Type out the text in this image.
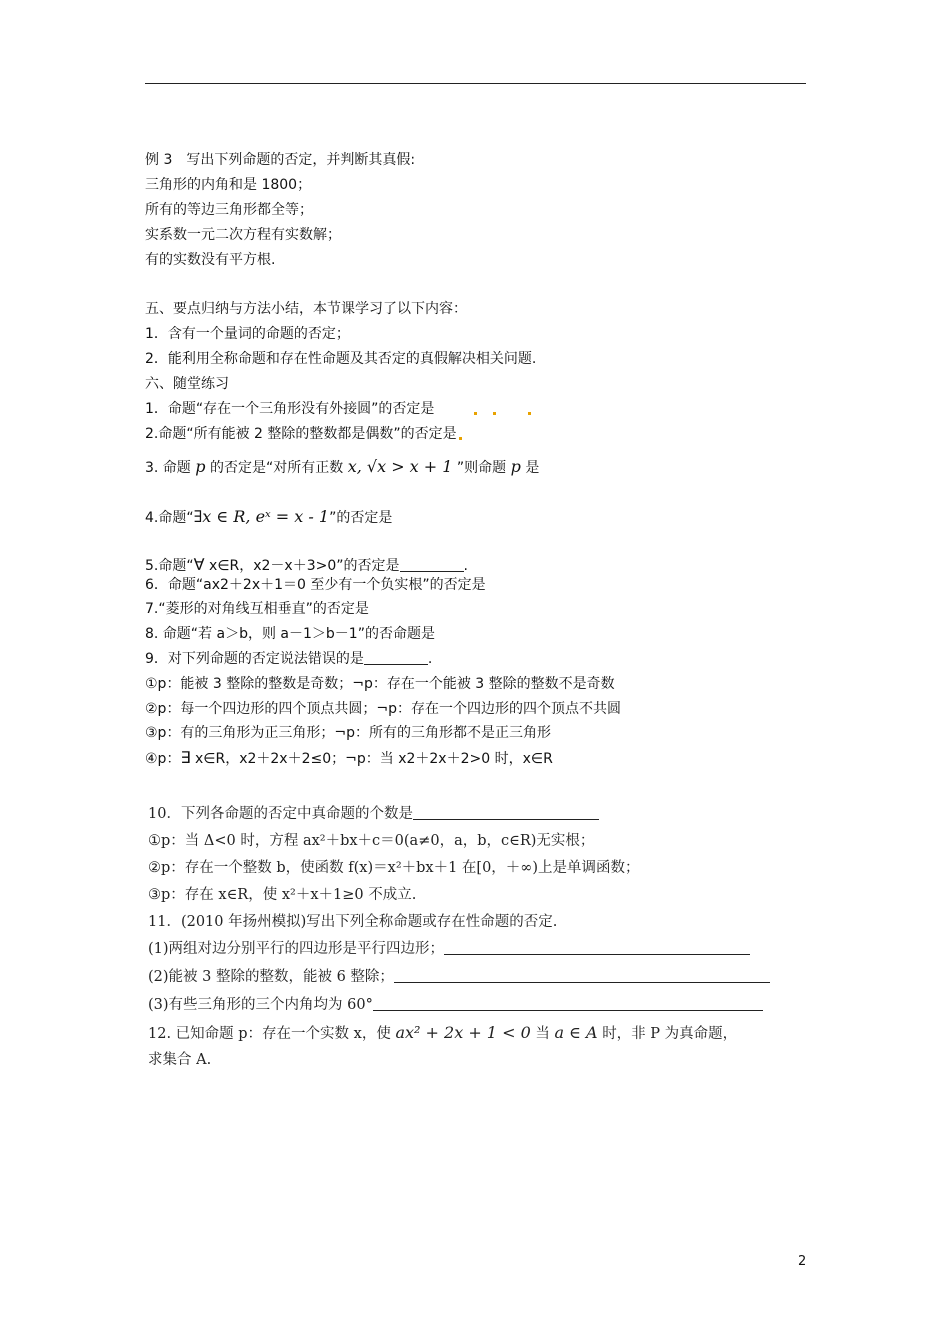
例 3　写出下列命题的否定，并判断其真假:
三角形的内角和是 1800；
所有的等边三角形都全等；
实系数一元二次方程有实数解；
有的实数没有平方根.
五、要点归纳与方法小结，本节课学习了以下内容：
1．含有一个量词的命题的否定；
2．能利用全称命题和存在性命题及其否定的真假解决相关问题.
六、随堂练习
1．命题“存在一个三角形没有外接圆”的否定是
2.命题“所有能被 2 整除的整数都是偶数”的否定是
3. 命题 p 的否定是“对所有正数 x, √x > x + 1 ”则命题 p 是
4.命题“∃x ∈ R, eˣ = x - 1”的否定是
5.命题“∀ x∈R，x2－x＋3>0”的否定是	.
6．命题“ax2＋2x＋1＝0 至少有一个负实根”的否定是
7.“菱形的对角线互相垂直”的否定是
8. 命题“若 a＞b，则 a－1＞b－1”的否命题是
9．对下列命题的否定说法错误的是	.
①p：能被 3 整除的整数是奇数；¬p：存在一个能被 3 整除的整数不是奇数
②p：每一个四边形的四个顶点共圆；¬p：存在一个四边形的四个顶点不共圆
③p：有的三角形为正三角形；¬p：所有的三角形都不是正三角形
④p：∃ x∈R，x2＋2x＋2≤0；¬p：当 x2＋2x＋2>0 时，x∈R
10．下列各命题的否定中真命题的个数是
①p：当 Δ<0 时，方程 ax²＋bx＋c＝0(a≠0，a，b，c∈R)无实根；
②p：存在一个整数 b，使函数 f(x)＝x²＋bx＋1 在[0，＋∞)上是单调函数；
③p：存在 x∈R，使 x²＋x＋1≥0 不成立.
11．(2010 年扬州模拟)写出下列全称命题或存在性命题的否定.
(1)两组对边分别平行的四边形是平行四边形；
(2)能被 3 整除的整数，能被 6 整除；
(3)有些三角形的三个内角均为 60°
12. 已知命题 p：存在一个实数 x，使 ax² + 2x + 1 < 0 当 a ∈ A 时，非 P 为真命题，
求集合 A.
2
